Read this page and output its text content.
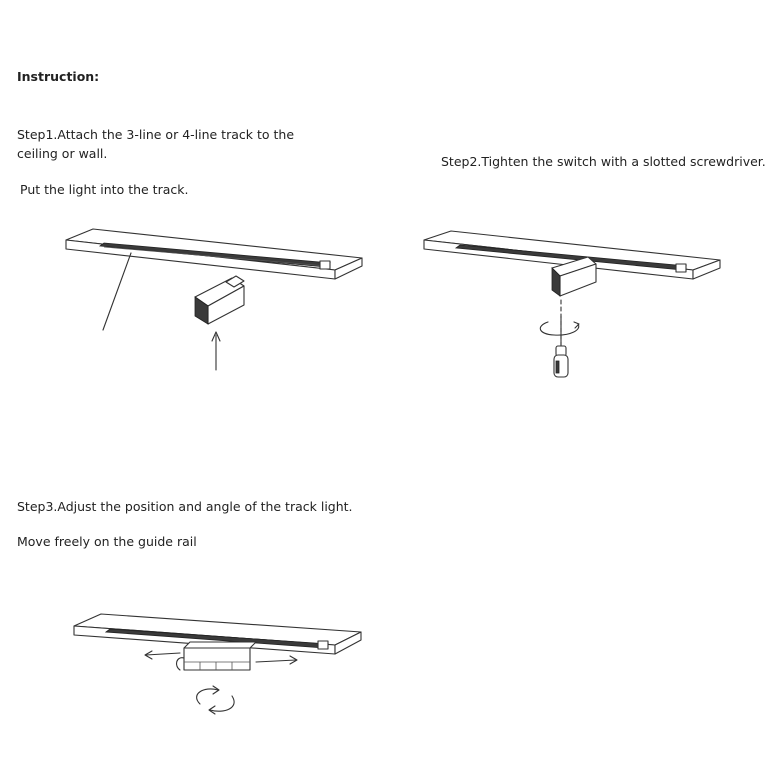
Instruction:
Step1.Attach the 3-line or 4-line track to the ceiling or wall.
Put the light into the track.
Step2.Tighten the switch with a slotted screwdriver.
Step3.Adjust the position and angle of the track light.
Move freely on the guide rail
